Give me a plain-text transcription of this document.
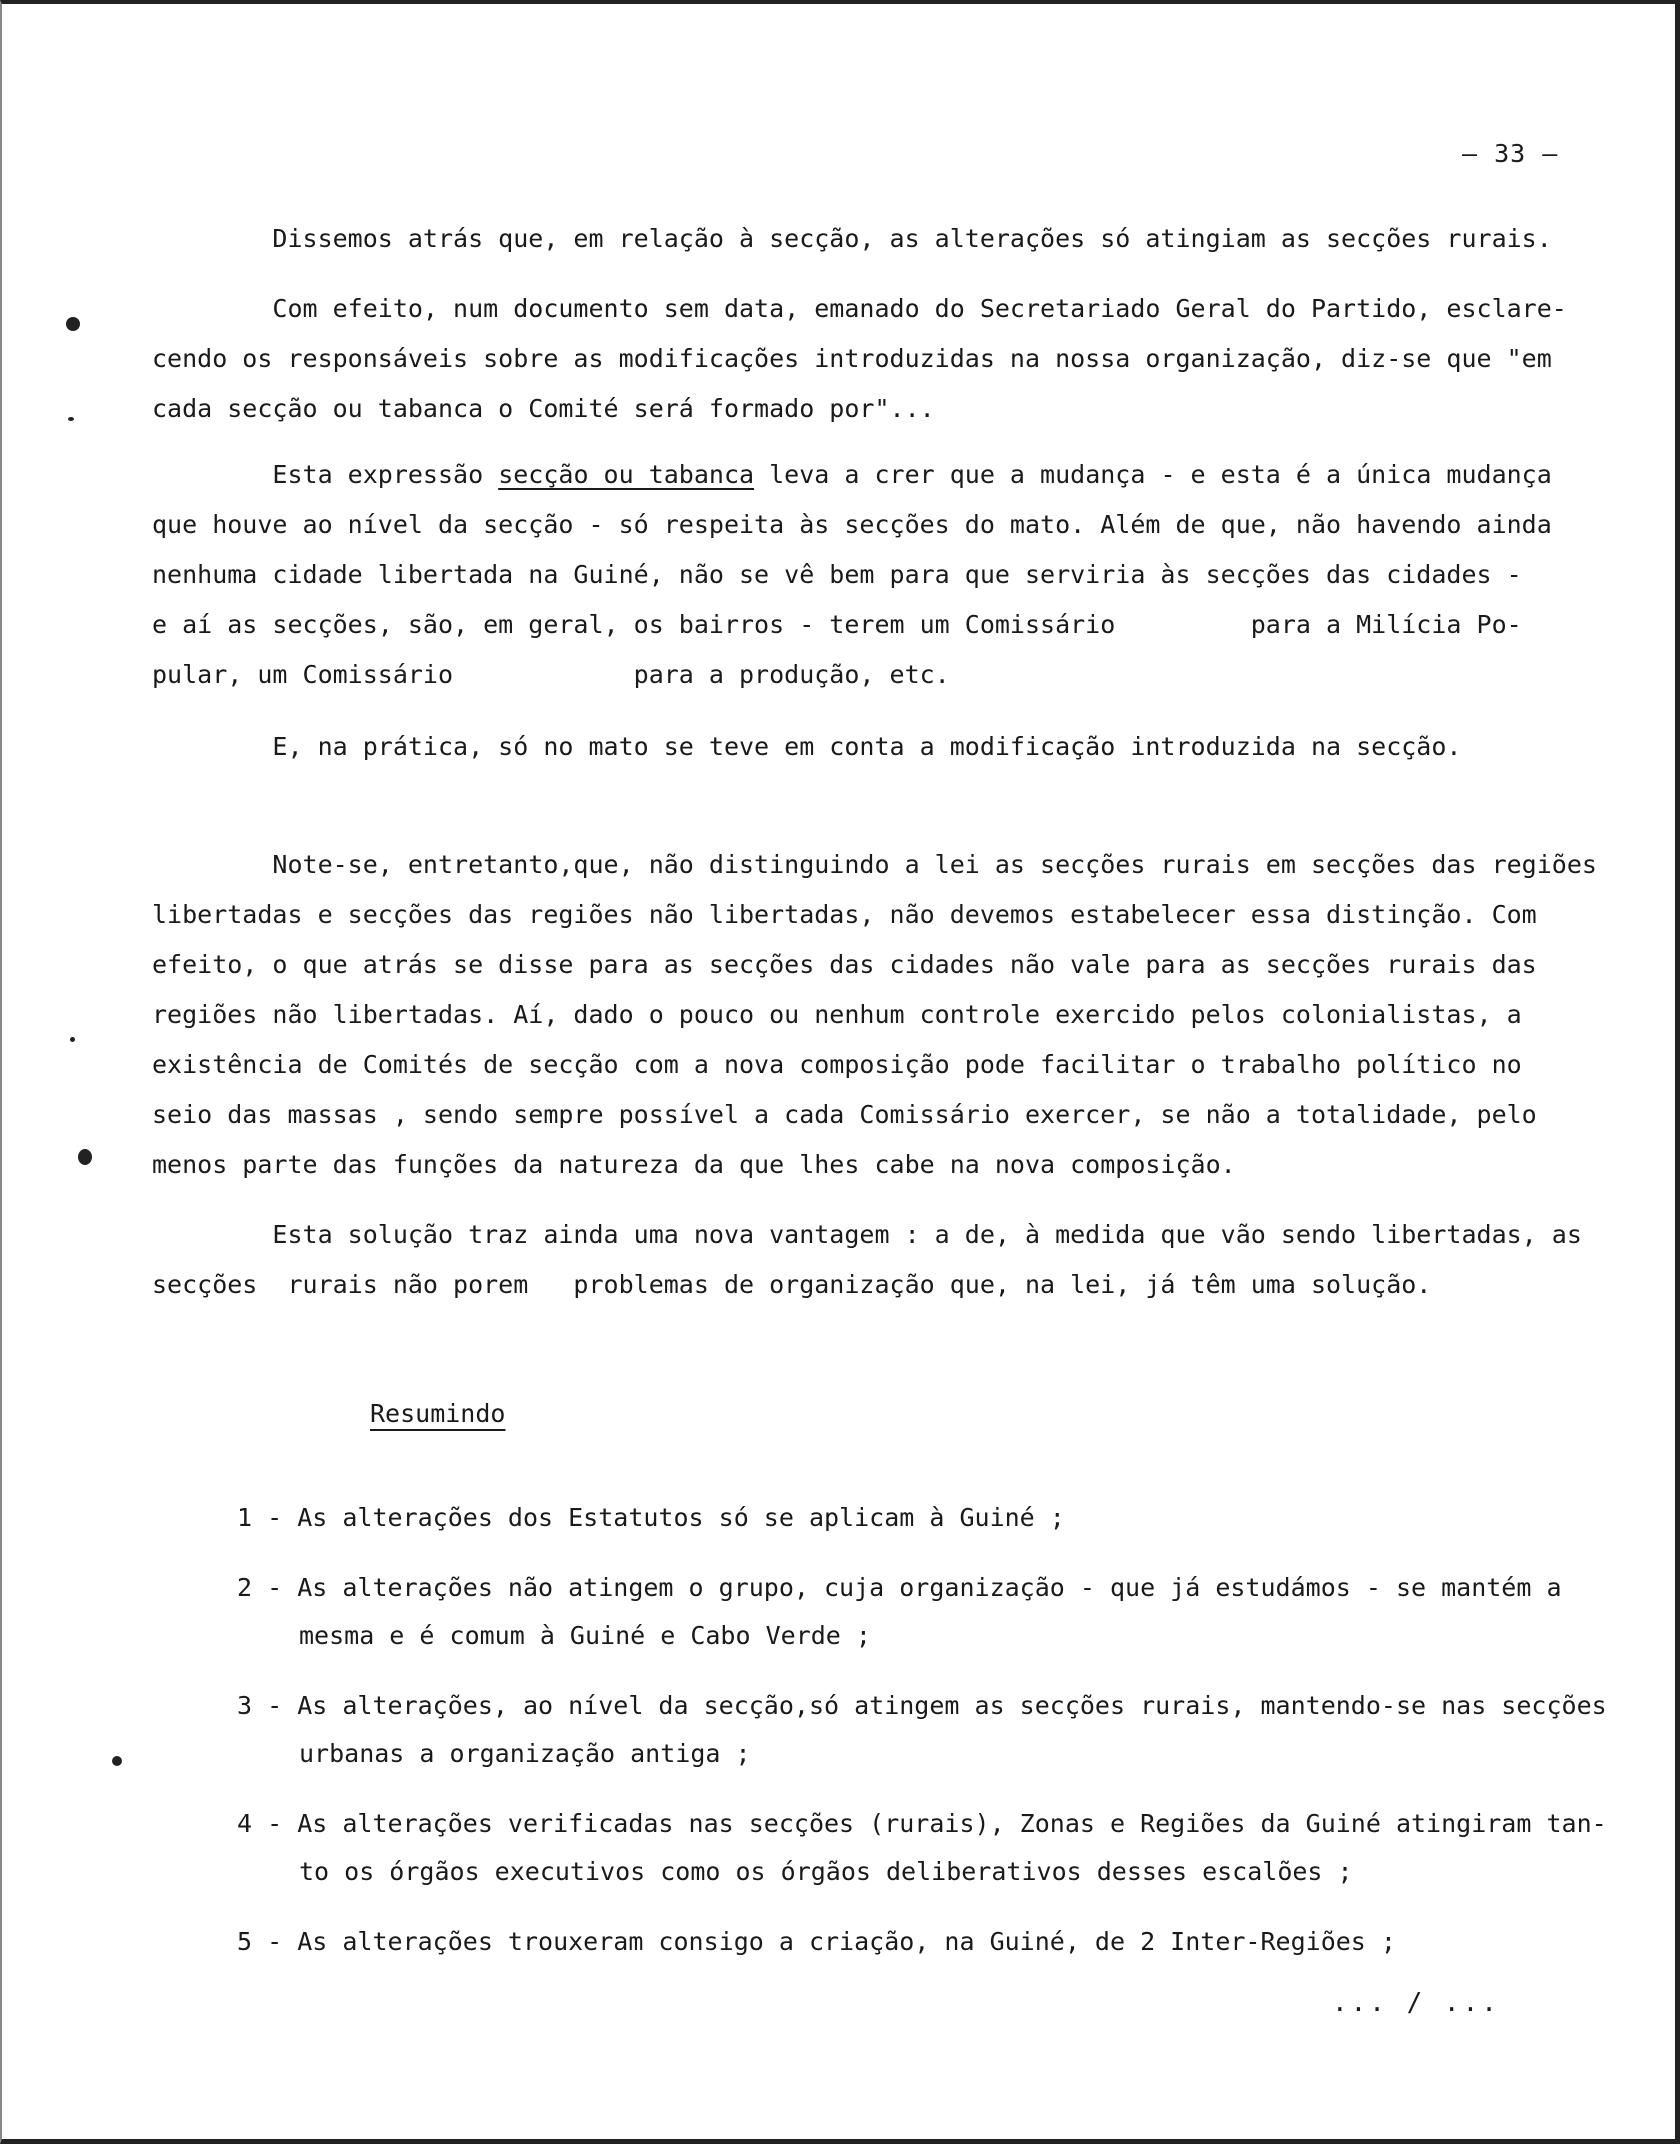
– 33 –

Dissemos atrás que, em relação à secção, as alterações só atingiam as secções rurais.

Com efeito, num documento sem data, emanado do Secretariado Geral do Partido, esclare-

cendo os responsáveis sobre as modificações introduzidas na nossa organização, diz-se que "em

cada secção ou tabanca o Comité será formado por"...

Esta expressão secção ou tabanca leva a crer que a mudança - e esta é a única mudança

que houve ao nível da secção - só respeita às secções do mato. Além de que, não havendo ainda

nenhuma cidade libertada na Guiné, não se vê bem para que serviria às secções das cidades -

e aí as secções, são, em geral, os bairros - terem um Comissário         para a Milícia Po-

pular, um Comissário            para a produção, etc.

E, na prática, só no mato se teve em conta a modificação introduzida na secção.

Note-se, entretanto,que, não distinguindo a lei as secções rurais em secções das regiões

libertadas e secções das regiões não libertadas, não devemos estabelecer essa distinção. Com

efeito, o que atrás se disse para as secções das cidades não vale para as secções rurais das

regiões não libertadas. Aí, dado o pouco ou nenhum controle exercido pelos colonialistas, a

existência de Comités de secção com a nova composição pode facilitar o trabalho político no

seio das massas , sendo sempre possível a cada Comissário exercer, se não a totalidade, pelo

menos parte das funções da natureza da que lhes cabe na nova composição.

Esta solução traz ainda uma nova vantagem : a de, à medida que vão sendo libertadas, as

secções  rurais não porem   problemas de organização que, na lei, já têm uma solução.

Resumindo
1 - As alterações dos Estatutos só se aplicam à Guiné ;
2 - As alterações não atingem o grupo, cuja organização - que já estudámos - se mantém a
mesma e é comum à Guiné e Cabo Verde ;
3 - As alterações, ao nível da secção,só atingem as secções rurais, mantendo-se nas secções
urbanas a organização antiga ;
4 - As alterações verificadas nas secções (rurais), Zonas e Regiões da Guiné atingiram tan-
to os órgãos executivos como os órgãos deliberativos desses escalões ;
5 - As alterações trouxeram consigo a criação, na Guiné, de 2 Inter-Regiões ;
... / ...
